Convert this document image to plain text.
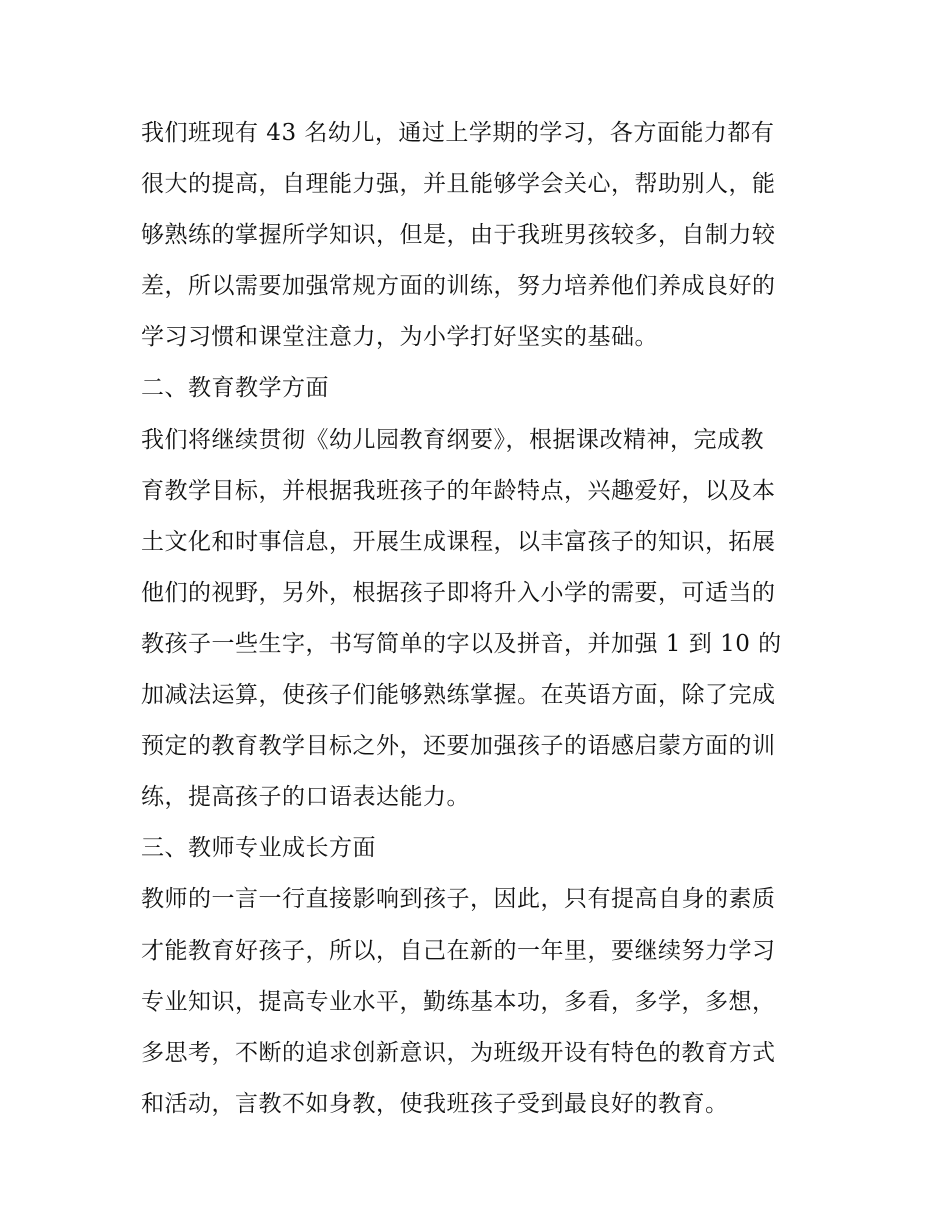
我们班现有 43 名幼儿，通过上学期的学习，各方面能力都有
很大的提高，自理能力强，并且能够学会关心，帮助别人，能
够熟练的掌握所学知识，但是，由于我班男孩较多，自制力较
差，所以需要加强常规方面的训练，努力培养他们养成良好的
学习习惯和课堂注意力，为小学打好坚实的基础。
二、教育教学方面
我们将继续贯彻《幼儿园教育纲要》，根据课改精神，完成教
育教学目标，并根据我班孩子的年龄特点，兴趣爱好，以及本
土文化和时事信息，开展生成课程，以丰富孩子的知识，拓展
他们的视野，另外，根据孩子即将升入小学的需要，可适当的
教孩子一些生字，书写简单的字以及拼音，并加强 1 到 10 的
加减法运算，使孩子们能够熟练掌握。在英语方面，除了完成
预定的教育教学目标之外，还要加强孩子的语感启蒙方面的训
练，提高孩子的口语表达能力。
三、教师专业成长方面
教师的一言一行直接影响到孩子，因此，只有提高自身的素质
才能教育好孩子，所以，自己在新的一年里，要继续努力学习
专业知识，提高专业水平，勤练基本功，多看，多学，多想，
多思考，不断的追求创新意识，为班级开设有特色的教育方式
和活动，言教不如身教，使我班孩子受到最良好的教育。
